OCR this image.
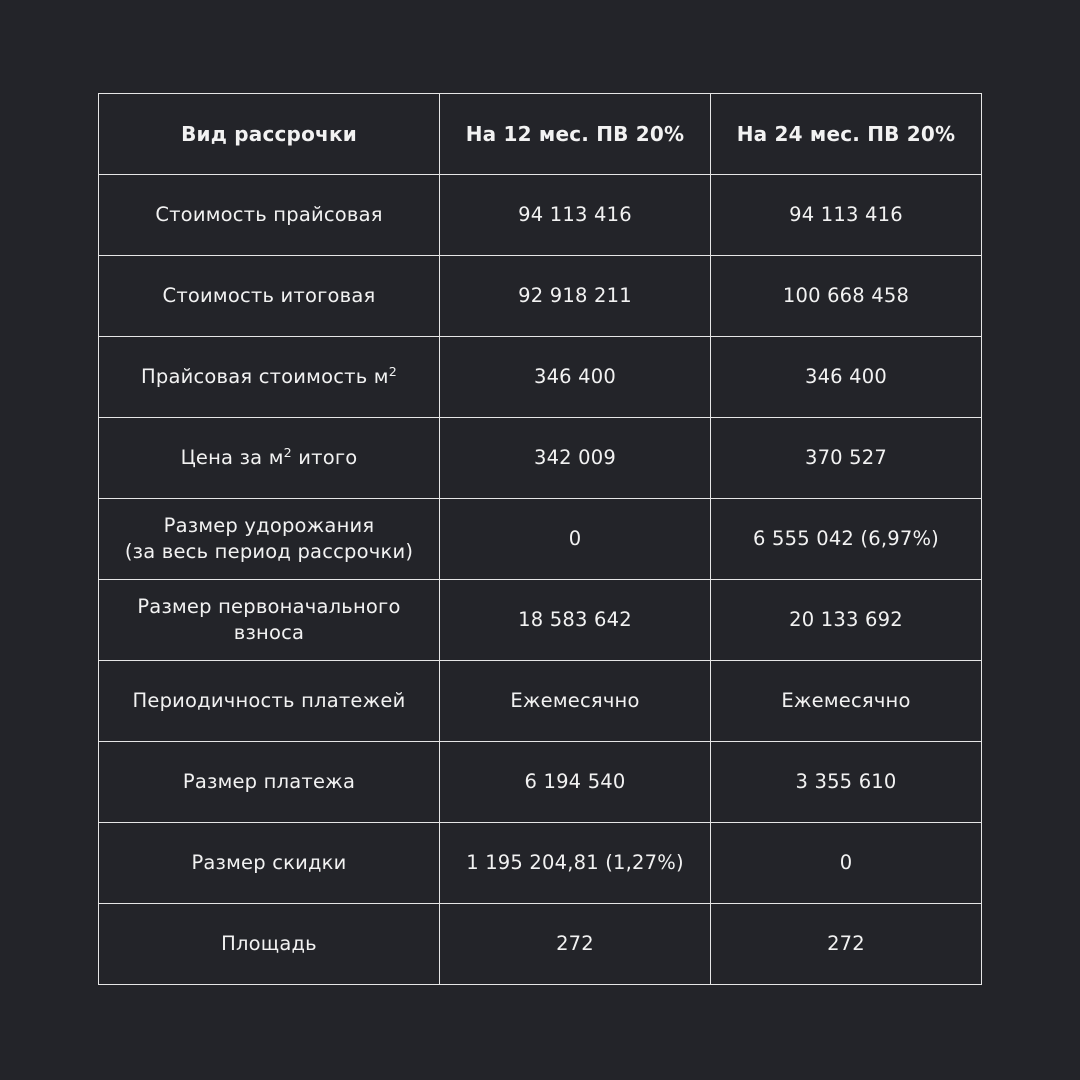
Вид рассрочки	На 12 мес. ПВ 20%	На 24 мес. ПВ 20%
Стоимость прайсовая	94 113 416	94 113 416
Стоимость итоговая	92 918 211	100 668 458
Прайсовая стоимость $м^2$	346 400	346 400
Цена за $м^2$ итого	342 009	370 527

Размер удорожания
(за весь период рассрочки)	0	6 555 042 (6,97%)

Размер первоначального
взноса	18 583 642	20 133 692
Периодичность платежей	Ежемесячно	Ежемесячно
Размер платежа	6 194 540	3 355 610
Размер скидки	1 195 204,81 (1,27%)	0
Площадь	272	272
